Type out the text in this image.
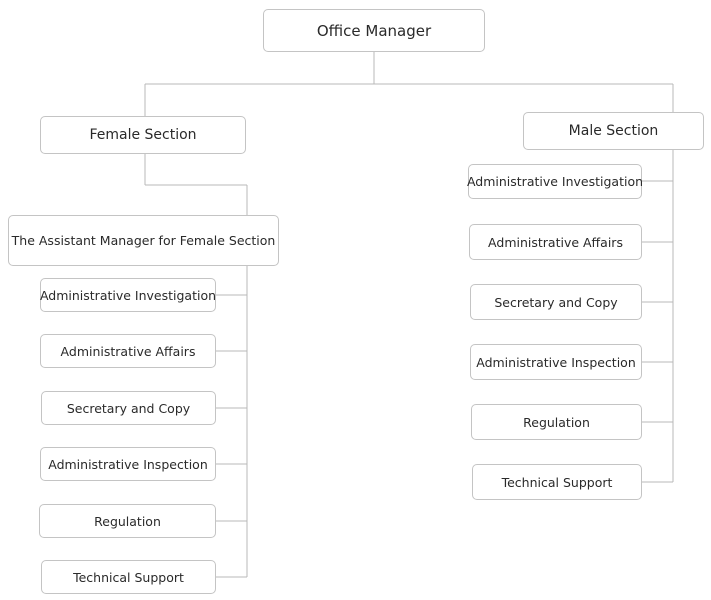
Office Manager
Female Section
The Assistant Manager for Female Section
Administrative Investigation
Administrative Affairs
Secretary and Copy
Administrative Inspection
Regulation
Technical Support
Male Section
Administrative Investigation
Administrative Affairs
Secretary and Copy
Administrative Inspection
Regulation
Technical Support
